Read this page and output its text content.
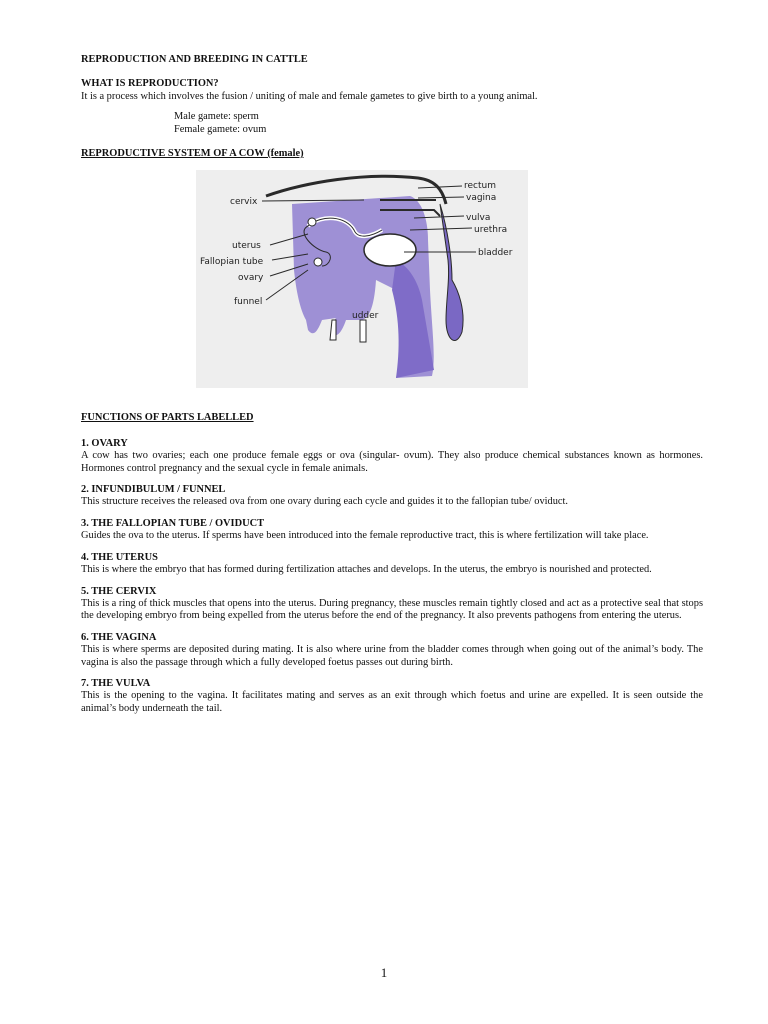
REPRODUCTION AND BREEDING IN CATTLE

WHAT IS REPRODUCTION?

It is a process which involves the fusion / uniting of male and female gametes to give birth to a young animal.

Male gamete: sperm
Female gamete: ovum

REPRODUCTIVE SYSTEM OF A COW (female)

cervix
uterus
Fallopian tube
ovary
funnel
udder
rectum
vagina
vulva
urethra
bladder

FUNCTIONS OF PARTS LABELLED

1. OVARY

A cow has two ovaries; each one produce female eggs or ova (singular- ovum). They also produce chemical substances known as hormones. Hormones control pregnancy and the sexual cycle in female animals.

2. INFUNDIBULUM / FUNNEL

This structure receives the released ova from one ovary during each cycle and guides it to the fallopian tube/ oviduct.

3. THE FALLOPIAN TUBE / OVIDUCT

Guides the ova to the uterus. If sperms have been introduced into the female reproductive tract, this is where fertilization will take place.

4. THE UTERUS

This is where the embryo that has formed during fertilization attaches and develops. In the uterus, the embryo is nourished and protected.

5. THE CERVIX

This is a ring of thick muscles that opens into the uterus. During pregnancy, these muscles remain tightly closed and act as a protective seal that stops the developing embryo from being expelled from the uterus before the end of the pregnancy. It also prevents pathogens from entering the uterus.

6. THE VAGINA

This is where sperms are deposited during mating. It is also where urine from the bladder comes through when going out of the animal’s body. The vagina is also the passage through which a fully developed foetus passes out during birth.

7. THE VULVA

This is the opening to the vagina. It facilitates mating and serves as an exit through which foetus and urine are expelled. It is seen outside the animal’s body underneath the tail.

1
